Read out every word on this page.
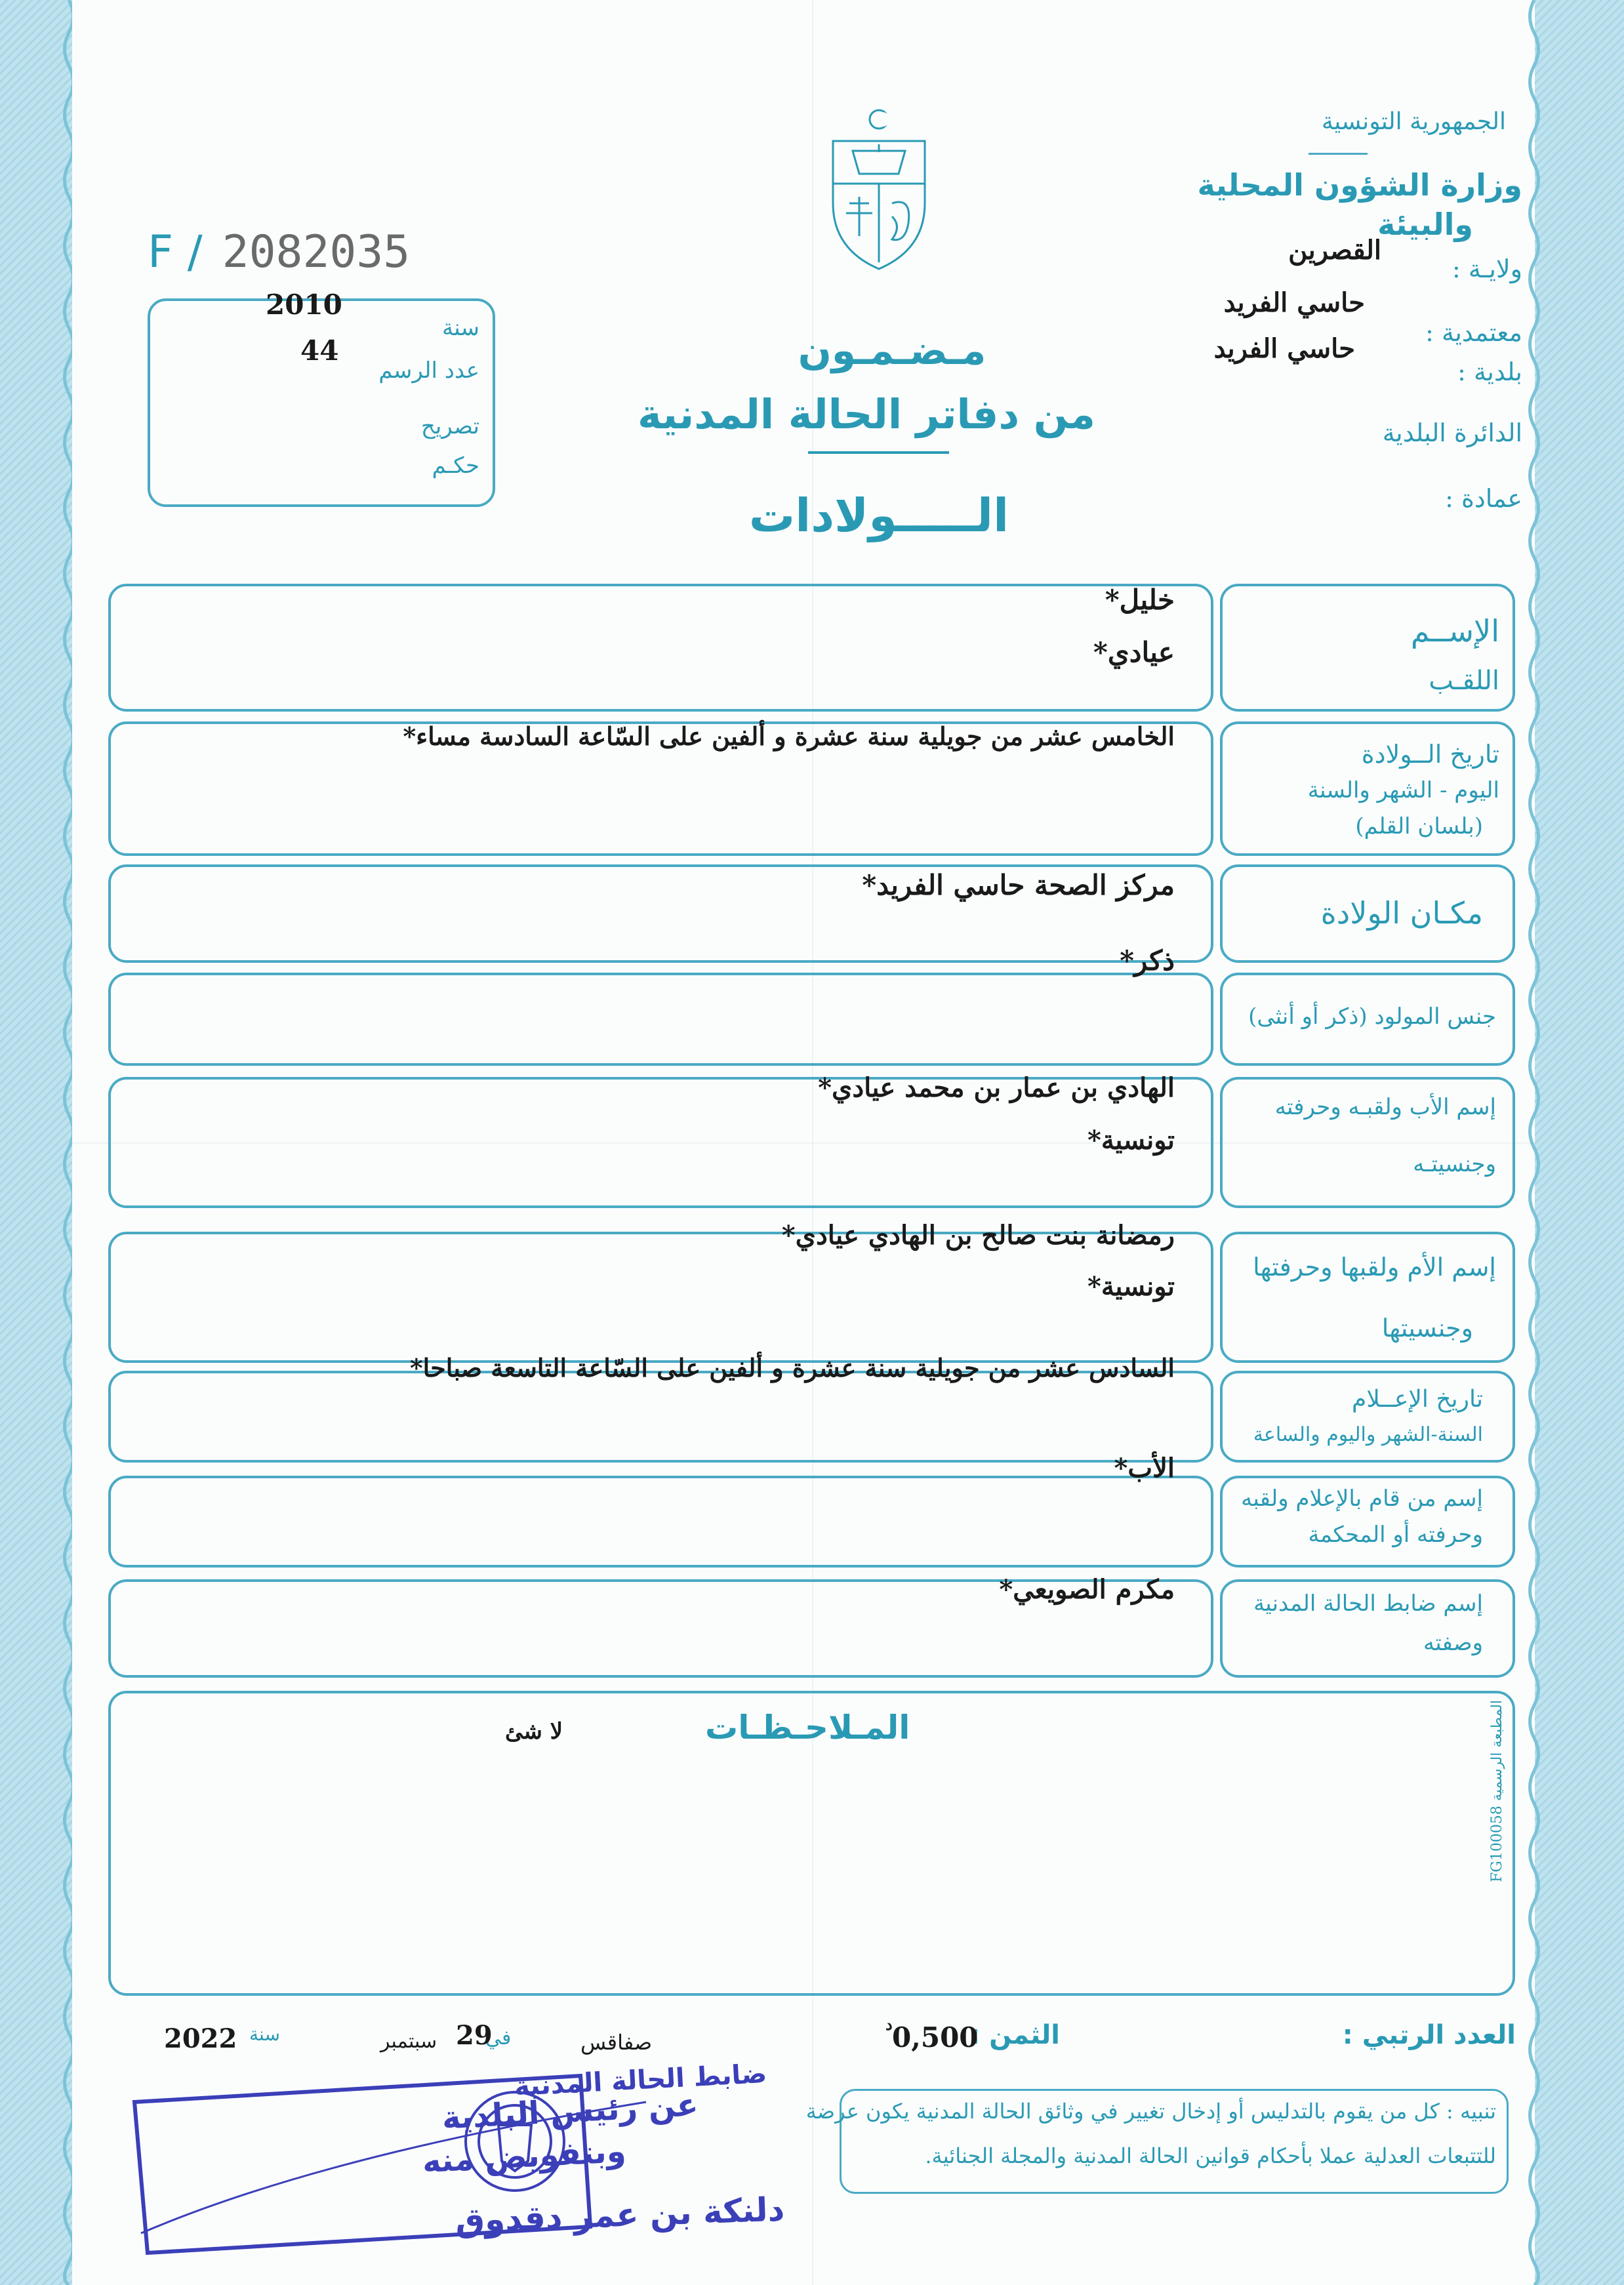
F / 2082035
الجمهورية التونسية
وزارة الشؤون المحلية
والبيئة
ولايـة :
القصرين
معتمدية :
حاسي الفريد
بلدية :
حاسي الفريد
الدائرة البلدية
عمادة :
مـضـمـون
من دفاتر الحالة المدنية
الـــــولادات
سنة
2010
عدد الرسم
44
تصريح
حكـم
الإســم
اللقـب
خليل*
عيادي*
تاريخ الــولادة
اليوم - الشهر والسنة
(بلسان القلم)
الخامس عشر من جويلية سنة عشرة و ألفين على السّاعة السادسة مساء*
مكـان الولادة
مركز الصحة حاسي الفريد*
جنس المولود (ذكر أو أنثى)
ذكر*
إسم الأب ولقبـه وحرفته
وجنسيتـه
الهادي بن عمار بن محمد عيادي*
تونسية*
إسم الأم ولقبها وحرفتها
وجنسيتها
رمضانة بنت صالح بن الهادي عيادي*
تونسية*
تاريخ الإعــلام
السنة-الشهر واليوم والساعة
السادس عشر من جويلية سنة عشرة و ألفين على السّاعة التاسعة صباحا*
إسم من قام بالإعلام ولقبه
وحرفته أو المحكمة
الأب*
إسم ضابط الحالة المدنية
وصفته
مكرم الصويعي*
المـلاحـظـات
لا شئ
المطبعة الرسمية FG100058
العدد الرتبي :
الثمن :
0,500
د
صفاقس
في
29
سبتمبر
سنة
2022
تنبيه : كل من يقوم بالتدليس أو إدخال تغيير في وثائق الحالة المدنية يكون عرضة
للتتبعات العدلية عملا بأحكام قوانين الحالة المدنية والمجلة الجنائية.
ضابط الحالة المدنية
عن رئيس البلدية
وبتفويض منه
دلنكة بن عمر دقدوق
